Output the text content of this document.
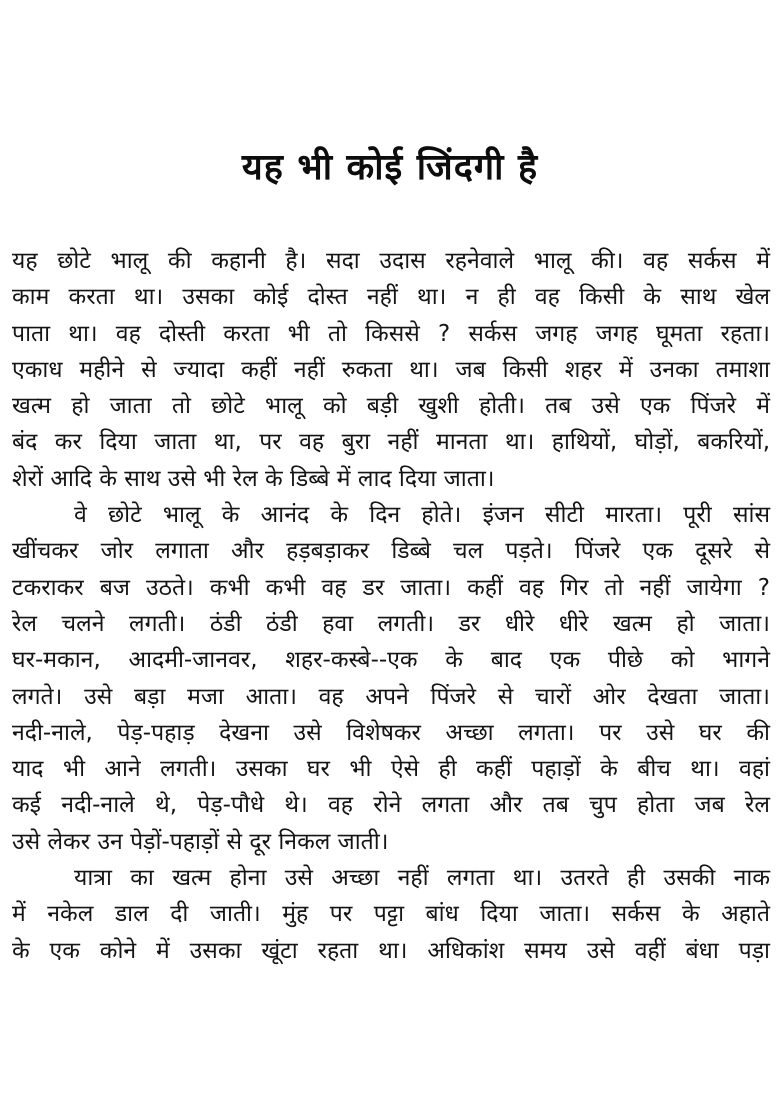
यह भी कोई जिंदगी है

यह छोटे भालू की कहानी है। सदा उदास रहनेवाले भालू की। वह सर्कस में
काम करता था। उसका कोई दोस्त नहीं था। न ही वह किसी के साथ खेल
पाता था। वह दोस्ती करता भी तो किससे ? सर्कस जगह जगह घूमता रहता।
एकाध महीने से ज्यादा कहीं नहीं रुकता था। जब किसी शहर में उनका तमाशा
खत्म हो जाता तो छोटे भालू को बड़ी खुशी होती। तब उसे एक पिंजरे में
बंद कर दिया जाता था, पर वह बुरा नहीं मानता था। हाथियों, घोड़ों, बकरियों,
शेरों आदि के साथ उसे भी रेल के डिब्बे में लाद दिया जाता।

वे छोटे भालू के आनंद के दिन होते। इंजन सीटी मारता। पूरी सांस
खींचकर जोर लगाता और हड़बड़ाकर डिब्बे चल पड़ते। पिंजरे एक दूसरे से
टकराकर बज उठते। कभी कभी वह डर जाता। कहीं वह गिर तो नहीं जायेगा ?
रेल चलने लगती। ठंडी ठंडी हवा लगती। डर धीरे धीरे खत्म हो जाता।
घर-मकान, आदमी-जानवर, शहर-कस्बे--एक के बाद एक पीछे को भागने
लगते। उसे बड़ा मजा आता। वह अपने पिंजरे से चारों ओर देखता जाता।
नदी-नाले, पेड़-पहाड़ देखना उसे विशेषकर अच्छा लगता। पर उसे घर की
याद भी आने लगती। उसका घर भी ऐसे ही कहीं पहाड़ों के बीच था। वहां
कई नदी-नाले थे, पेड़-पौधे थे। वह रोने लगता और तब चुप होता जब रेल
उसे लेकर उन पेड़ों-पहाड़ों से दूर निकल जाती।

यात्रा का खत्म होना उसे अच्छा नहीं लगता था। उतरते ही उसकी नाक
में नकेल डाल दी जाती। मुंह पर पट्टा बांध दिया जाता। सर्कस के अहाते
के एक कोने में उसका खूंटा रहता था। अधिकांश समय उसे वहीं बंधा पड़ा
